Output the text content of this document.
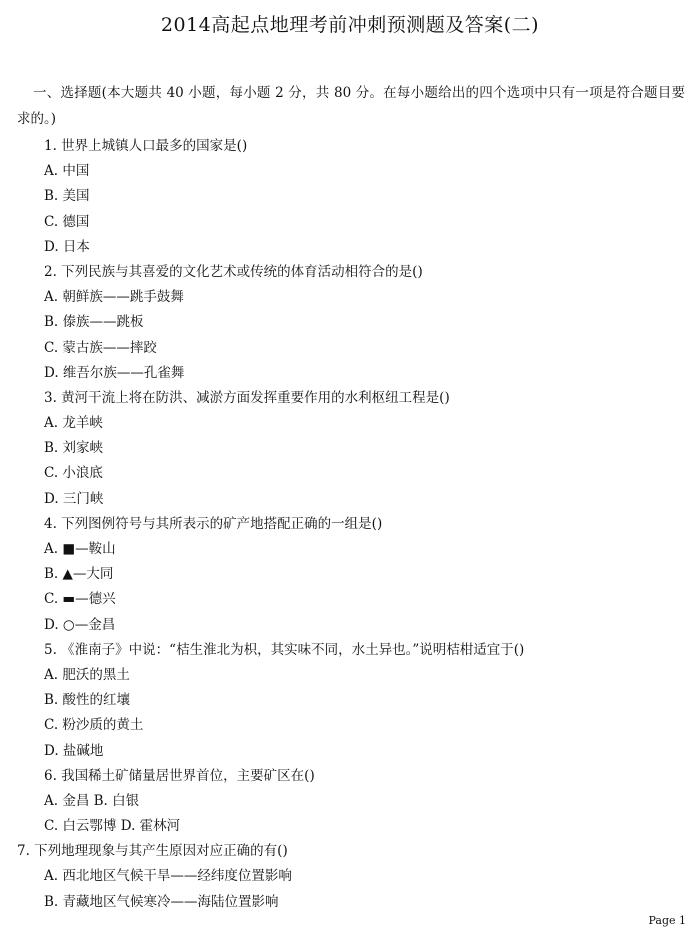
2014高起点地理考前冲刺预测题及答案(二)

一、选择题(本大题共 40 小题，每小题 2 分，共 80 分。在每小题给出的四个选项中只有一项是符合题目要求的。)

1. 世界上城镇人口最多的国家是()
A. 中国
B. 美国
C. 德国
D. 日本
2. 下列民族与其喜爱的文化艺术或传统的体育活动相符合的是()
A. 朝鲜族——跳手鼓舞
B. 傣族——跳板
C. 蒙古族——摔跤
D. 维吾尔族——孔雀舞
3. 黄河干流上将在防洪、减淤方面发挥重要作用的水利枢纽工程是()
A. 龙羊峡
B. 刘家峡
C. 小浪底
D. 三门峡
4. 下列图例符号与其所表示的矿产地搭配正确的一组是()
A. ■—鞍山
B. ▲—大同
C. ▬—德兴
D. ○—金昌
5. 《淮南子》中说：“桔生淮北为枳，其实味不同，水土异也。”说明桔柑适宜于()
A. 肥沃的黑土
B. 酸性的红壤
C. 粉沙质的黄土
D. 盐碱地
6. 我国稀土矿储量居世界首位，主要矿区在()
A. 金昌 B. 白银
C. 白云鄂博 D. 霍林河
7. 下列地理现象与其产生原因对应正确的有()
A. 西北地区气候干旱——经纬度位置影响
B. 青藏地区气候寒冷——海陆位置影响
Page 1
